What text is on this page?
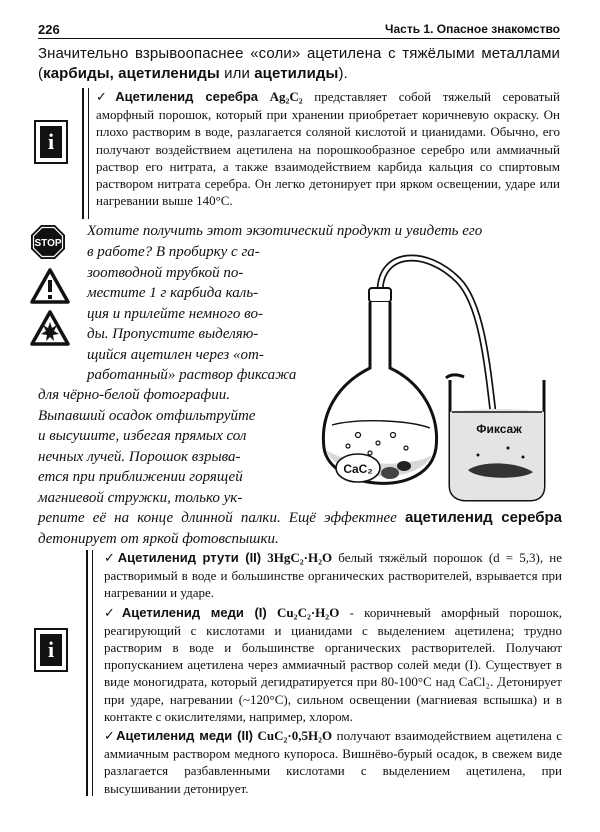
226	Часть 1. Опасное знакомство
Значительно взрывоопаснее «соли» ацетилена с тяжёлыми металлами (карбиды, ацетилениды или ацетилиды).
i
✓Ацетиленид серебра Ag₂C₂ представляет собой тяжелый сероватый аморфный порошок, который при хранении приобретает коричневую окраску. Он плохо растворим в воде, разлагается соляной кислотой и цианидами. Обычно, его получают воздействием ацетилена на порошкообразное серебро или аммиачный раствор его нитрата, а также взаимодействием карбида кальция со спиртовым раствором нитрата серебра. Он легко детонирует при ярком освещении, ударе или нагревании выше 140°С.
STOP
Хотите получить этот экзотический продукт и увидеть его
в работе? В пробирку с га-
зоотводной трубкой по-
местите 1 г карбида каль-
ция и прилейте немного во-
ды. Пропустите выделяю-
щийся ацетилен через «от-
работанный» раствор фиксажа
для чёрно-белой фотографии.
Выпавший осадок отфильтруйте
и высушите, избегая прямых сол
нечных лучей. Порошок взрыва-
ется при приближении горящей
магниевой стружки, только ук-
репите её на конце длинной палки. Ещё эффектнее ацетиленид серебра детонирует от яркой фотовспышки.
CaC₂
Фиксаж
i
✓Ацетиленид ртути (II) 3HgC₂·H₂O белый тяжёлый порошок (d = 5,3), не растворимый в воде и большинстве органических растворителей, взрывается при нагревании и ударе.
✓Ацетиленид меди (I) Cu₂C₂·H₂O - коричневый аморфный порошок, реагирующий с кислотами и цианидами с выделением ацетилена; трудно растворим в воде и большинстве органических растворителей. Получают пропусканием ацетилена через аммиачный раствор солей меди (I). Существует в виде моногидрата, который дегидратируется при 80-100°С над CaCl₂. Детонирует при ударе, нагревании (~120°С), сильном освещении (магниевая вспышка) и в контакте с окислителями, например, хлором.
✓Ацетиленид меди (II) CuC₂·0,5H₂O получают взаимодействием ацетилена с аммиачным раствором медного купороса. Вишнёво-бурый осадок, в свежем виде разлагается разбавленными кислотами с выделением ацетилена, при высушивании детонирует.
